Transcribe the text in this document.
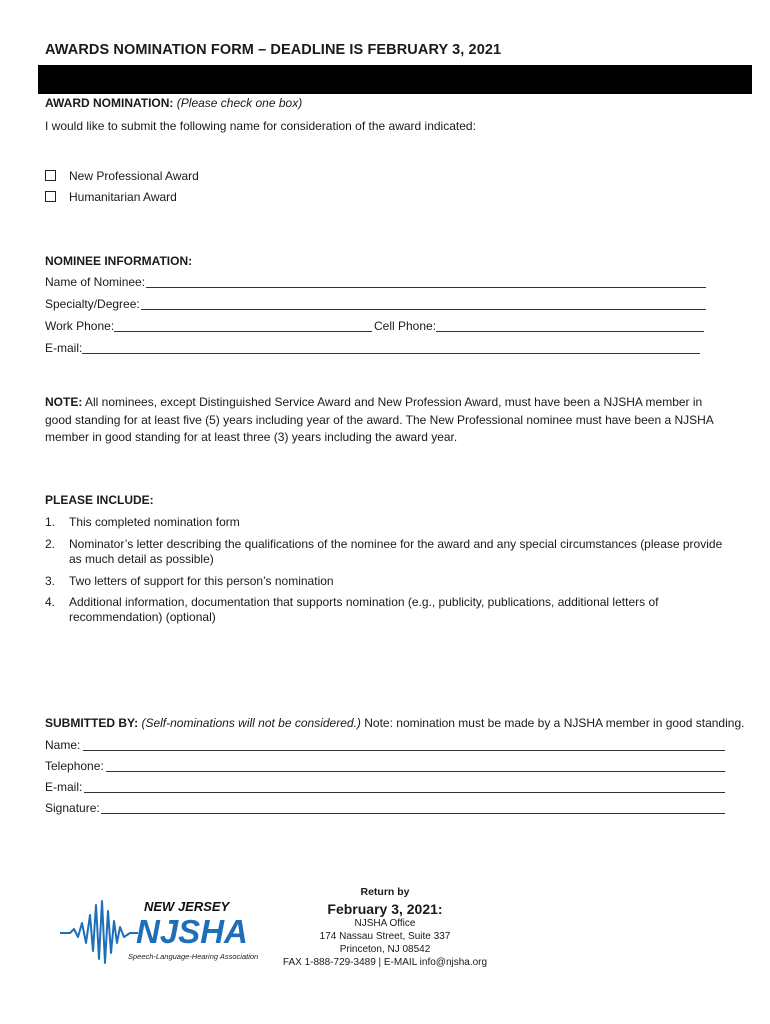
AWARDS NOMINATION FORM – DEADLINE IS FEBRUARY 3, 2021
AWARD NOMINATION: (Please check one box)
I would like to submit the following name for consideration of the award indicated:
New Professional Award
Humanitarian Award
NOMINEE INFORMATION:
Name of Nominee:
Specialty/Degree:
Work Phone:	Cell Phone:
E-mail:
NOTE: All nominees, except Distinguished Service Award and New Profession Award, must have been a NJSHA member in good standing for at least five (5) years including year of the award. The New Professional nominee must have been a NJSHA member in good standing for at least three (3) years including the award year.
PLEASE INCLUDE:
1. This completed nomination form
2. Nominator’s letter describing the qualifications of the nominee for the award and any special circumstances (please provide
as much detail as possible)
3. Two letters of support for this person’s nomination
4. Additional information, documentation that supports nomination (e.g., publicity, publications, additional letters of
recommendation) (optional)
SUBMITTED BY: (Self-nominations will not be considered.) Note: nomination must be made by a NJSHA member in good standing.
Name:
Telephone:
E-mail:
Signature:
NEW JERSEY
NJSHA
Speech-Language-Hearing Association
Return by
February 3, 2021:
NJSHA Office
174 Nassau Street, Suite 337
Princeton, NJ 08542
FAX 1-888-729-3489 | E-MAIL info@njsha.org
